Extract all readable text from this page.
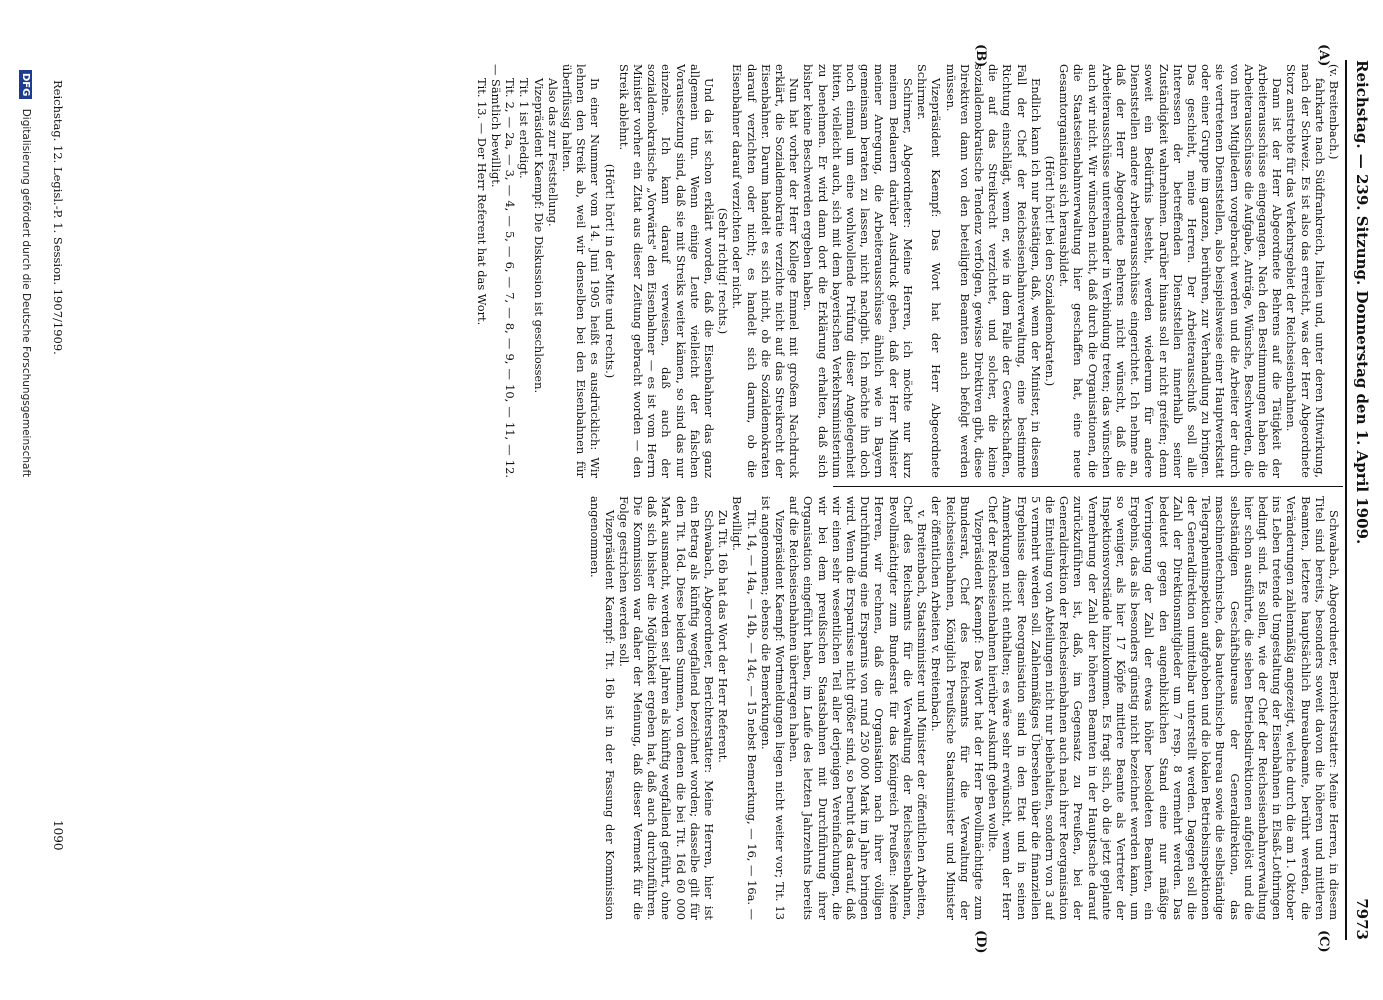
Reichstag. — 239. Sitzung. Donnerstag den 1. April 1909.
7973
(A)
(B)
(C)
(D)

(v. Breitenbach.)

fahrkarte nach Südfrankreich, Italien und, unter deren Mitwirkung, nach der Schweiz. Es ist also das erreicht, was der Herr Abgeordnete Storz anstrebte für das Verkehrsgebiet der Reichseisenbahnen.

Dann ist der Herr Abgeordnete Behrens auf die Tätigkeit der Arbeiterausschüsse eingegangen. Nach den Bestimmungen haben die Arbeiterausschüsse die Aufgabe, Anträge, Wünsche, Beschwerden, die von ihren Mitgliedern vorgebracht werden und die Arbeiter der durch sie vertretenen Dienststellen, also beispielsweise einer Hauptwerkstatt oder einer Gruppe im ganzen, berühren, zur Verhandlung zu bringen. Das geschieht, meine Herren. Der Arbeiterausschuß soll alle Interessen der betreffenden Dienststellen innerhalb seiner Zuständigkeit wahrnehmen. Darüber hinaus soll er nicht greifen; denn soweit ein Bedürfnis besteht, werden wiederum für andere Dienststellen andere Arbeiterausschüsse eingerichtet. Ich nehme an, daß der Herr Abgeordnete Behrens nicht wünscht, daß die Arbeiterausschüsse untereinander in Verbindung treten; das wünschen auch wir nicht. Wir wünschen nicht, daß durch die Organisationen, die die Staatseisenbahnverwaltung hier geschaffen hat, eine neue Gesamtorganisation sich herausbildet.

(Hört! hört! bei den Sozialdemokraten.)

Endlich kann ich nur bestätigen, daß, wenn der Minister, in diesem Fall der Chef der Reichseisenbahnverwaltung, eine bestimmte Richtung einschlägt, wenn er, wie in dem Falle der Gewerkschaften, die auf das Streikrecht verzichtet, und solcher, die keine sozialdemokratische Tendenz verfolgen, gewisse Direktiven gibt, diese Direktiven dann von den beteiligten Beamten auch befolgt werden müssen.

Vizepräsident Kaempf: Das Wort hat der Herr Abgeordnete Schirmer.

Schirmer, Abgeordneter: Meine Herren, ich möchte nur kurz meinem Bedauern darüber Ausdruck geben, daß der Herr Minister meiner Anregung, die Arbeiterausschüsse ähnlich wie in Bayern gemeinsam beraten zu lassen, nicht nachgibt. Ich möchte ihn doch noch einmal um eine wohlwollende Prüfung dieser Angelegenheit bitten, vielleicht auch, sich mit dem bayerischen Verkehrsministerium zu benehmen. Er wird dann dort die Erklärung erhalten, daß sich bisher keine Beschwerden ergeben haben.

Nun hat vorher der Herr Kollege Emmel mit großem Nachdruck erklärt, die Sozialdemokratie verzichte nicht auf das Streikrecht der Eisenbahner. Darum handelt es sich nicht, ob die Sozialdemokraten darauf verzichten oder nicht; es handelt sich darum, ob die Eisenbahner darauf verzichten oder nicht.

(Sehr richtig! rechts.)

Und da ist schon erklärt worden, daß die Eisenbahner das ganz allgemein tun. Wenn einige Leute vielleicht der falschen Voraussetzung sind, daß sie mit Streiks weiter kämen, so sind das nur einzelne. Ich kann darauf verweisen, daß auch der sozialdemokratische „Vorwärts" den Eisenbahner — es ist vom Herrn Minister vorher ein Zitat aus dieser Zeitung gebracht worden — den Streik ablehnt.

(Hört! hört! in der Mitte und rechts.)

In einer Nummer vom 14. Juni 1905 heißt es ausdrücklich: Wir lehnen den Streik ab, weil wir denselben bei den Eisenbahnen für überflüssig halten.

Also das zur Feststellung.

Vizepräsident Kaempf: Die Diskussion ist geschlossen.

Tit. 1 ist erledigt.

Tit. 2, — 2a, — 3, — 4, — 5, — 6, — 7, — 8, — 9, — 10, — 11, — 12. — Sämtlich bewilligt.

Tit. 13. — Der Herr Referent hat das Wort.

Schwabach, Abgeordneter, Berichterstatter: Meine Herren, in diesem Titel sind bereits, besonders soweit davon die höheren und mittleren Beamten, letztere hauptsächlich Bureaubeamte, berührt werden, die Veränderungen zahlenmäßig angezeigt, welche durch die am 1. Oktober ins Leben tretende Umgestaltung der Eisenbahnen in Elsaß-Lothringen bedingt sind. Es sollen, wie der Chef der Reichseisenbahnverwaltung hier schon ausführte, die sieben Betriebsdirektionen aufgelöst und die selbständigen Geschäftsbureaus der Generaldirektion, das maschinentechnische, das bautechnische Bureau sowie die selbständige Telegrapheninspektion aufgehoben und die lokalen Betriebsinspektionen der Generaldirektion unmittelbar unterstellt werden. Dagegen soll die Zahl der Direktionsmitglieder um 7 resp. 8 vermehrt werden. Das bedeutet gegen den augenblicklichen Stand eine nur mäßige Verringerung der Zahl der etwas höher besoldeten Beamten, ein Ergebnis, das als besonders günstig nicht bezeichnet werden kann, um so weniger, als hier 17 Köpfe mittlere Beamte als Vertreter der Inspektionsvorstände hinzukommen. Es fragt sich, ob die jetzt geplante Vermehrung der Zahl der höheren Beamten in der Hauptsache darauf zurückzuführen ist, daß, im Gegensatz zu Preußen, bei der Generaldirektion der Reichseisenbahnen auch nach ihrer Reorganisation die Einteilung von Abteilungen nicht nur beibehalten, sondern von 3 auf 5 vermehrt werden soll. Zahlenmäßiges Übersehen über die finanziellen Ergebnisse dieser Reorganisation sind in den Etat und in seinen Anmerkungen nicht enthalten; es wäre sehr erwünscht, wenn der Herr Chef der Reichseisenbahnen hierüber Auskunft geben wollte.

Vizepräsident Kaempf: Das Wort hat der Herr Bevollmächtigte zum Bundesrat, Chef des Reichsamts für die Verwaltung der Reichseisenbahnen, Königlich Preußische Staatsminister und Minister der öffentlichen Arbeiten v. Breitenbach.

v. Breitenbach, Staatsminister und Minister der öffentlichen Arbeiten, Chef des Reichsamts für die Verwaltung der Reichseisenbahnen, Bevollmächtigter zum Bundesrat für das Königreich Preußen: Meine Herren, wir rechnen, daß die Organisation nach ihrer völligen Durchführung eine Ersparnis von rund 250 000 Mark im Jahre bringen wird. Wenn die Ersparnisse nicht größer sind, so beruht das darauf, daß wir einen sehr wesentlichen Teil aller derjenigen Vereinfachungen, die wir bei dem preußischen Staatsbahnen mit Durchführung ihrer Organisation eingeführt haben, im Laufe des letzten Jahrzehnts bereits auf die Reichseisenbahnen übertragen haben.

Vizepräsident Kaempf: Wortmeldungen liegen nicht weiter vor; Tit. 13 ist angenommen; ebenso die Bemerkungen.

Tit. 14, — 14a, — 14b, — 14c, — 15 nebst Bemerkung, — 16, — 16a. — Bewilligt.

Zu Tit. 16b hat das Wort der Herr Referent.

Schwabach, Abgeordneter, Berichterstatter: Meine Herren, hier ist ein Betrag als künftig wegfallend bezeichnet worden; dasselbe gilt für den Tit. 16d. Diese beiden Summen, von denen die bei Tit. 16d 60 000 Mark ausmacht, werden seit Jahren als künftig wegfallend geführt, ohne daß sich bisher die Möglichkeit ergeben hat, daß auch durchzuführen. Die Kommission war daher der Meinung, daß dieser Vermerk für die Folge gestrichen werden soll.

Vizepräsident Kaempf: Tit. 16b ist in der Fassung der Kommission angenommen.

Reichstag. 12. Legisl.-P. 1. Session. 1907/1909.
1090
DFG Digitalisierung gefördert durch die Deutsche Forschungsgemeinschaft
